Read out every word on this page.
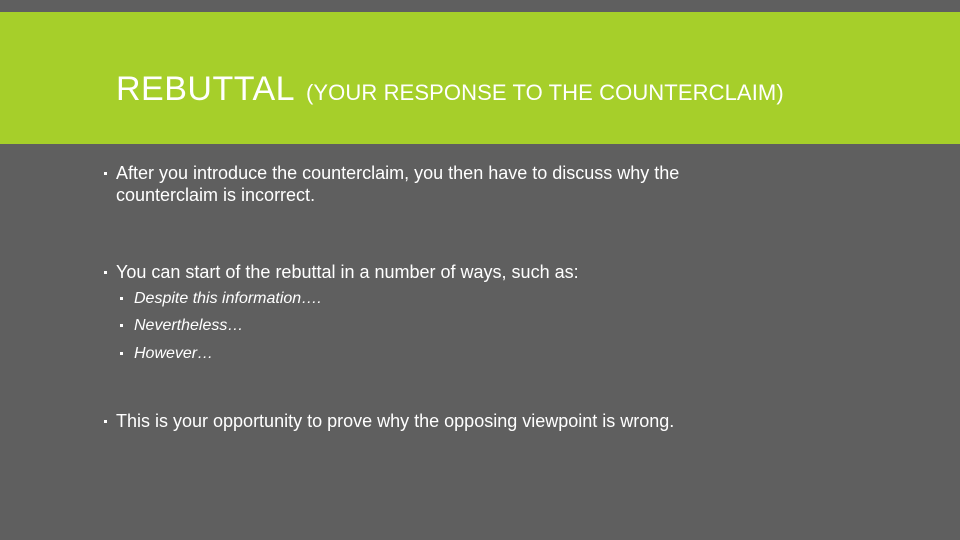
REBUTTAL (YOUR RESPONSE TO THE COUNTERCLAIM)
After you introduce the counterclaim, you then have to discuss why the counterclaim is incorrect.
You can start of the rebuttal in a number of ways, such as:
Despite this information….
Nevertheless…
However…
This is your opportunity to prove why the opposing viewpoint is wrong.
